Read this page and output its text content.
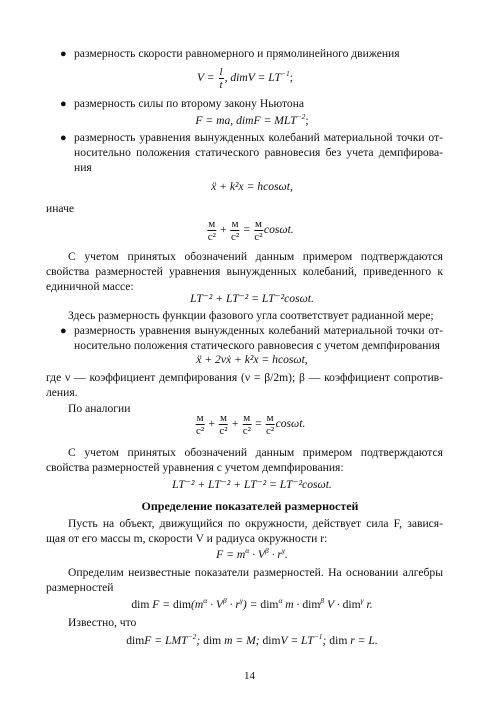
● размерность скорости равномерного и прямолинейного движения
$V = \frac{l}{t}$ , dimV = $LT^{-1}$;
● размерность силы по второму закону Ньютона
F = ma, dimF = $MLT^{-2}$;
● размерность уравнения вынужденных колебаний материальной точки от-
носительно положения статического равновесия без учета демпфирова-
ния
ẍ + k²x = hcosωt,
иначе
$\frac{м}{\text{с²}} + \frac{м}{\text{с²}} = \frac{м}{\text{с²}} \cos\omega t$.
С учетом принятых обозначений данным примером подтверждаются
свойства размерностей уравнения вынужденных колебаний, приведенного к
единичной массе:
LT⁻² + LT⁻² = LT⁻²cosωt.
Здесь размерность функции фазового угла соответствует радианной мере;
● размерность уравнения вынужденных колебаний материальной точки от-
носительно положения статического равновесия с учетом демпфирования
ẍ + 2νẋ + k²x = hcosωt,
где ν — коэффициент демпфирования (ν = β/2m); β — коэффициент сопротив-
ления.
По аналогии
$\frac{м}{\text{с²}} + \frac{м}{\text{с²}} + \frac{м}{\text{с²}} = \frac{м}{\text{с²}} \cos\omega t$.
С учетом принятых обозначений данным примером подтверждаются
свойства размерностей уравнения с учетом демпфирования:
LT⁻² + LT⁻² + LT⁻² = LT⁻²cosωt.
Определение показателей размерностей
Пусть на объект, движущийся по окружности, действует сила F, завися-
щая от его массы m, скорости V и радиуса окружности r:
$F = m^\alpha \cdot V^\beta \cdot r^\gamma$.
Определим неизвестные показатели размерностей. На основании алгебры
размерностей
dim $F = dim(m^\alpha \cdot V^\beta \cdot r^\gamma) = dim^\alpha$ m · dim$^\beta$ V · dim$^\gamma$ r.
Известно, что
dimF = $LMT^{-2}$; dim m = M; dimV = $LT^{-1}$; dim r = L.
14
